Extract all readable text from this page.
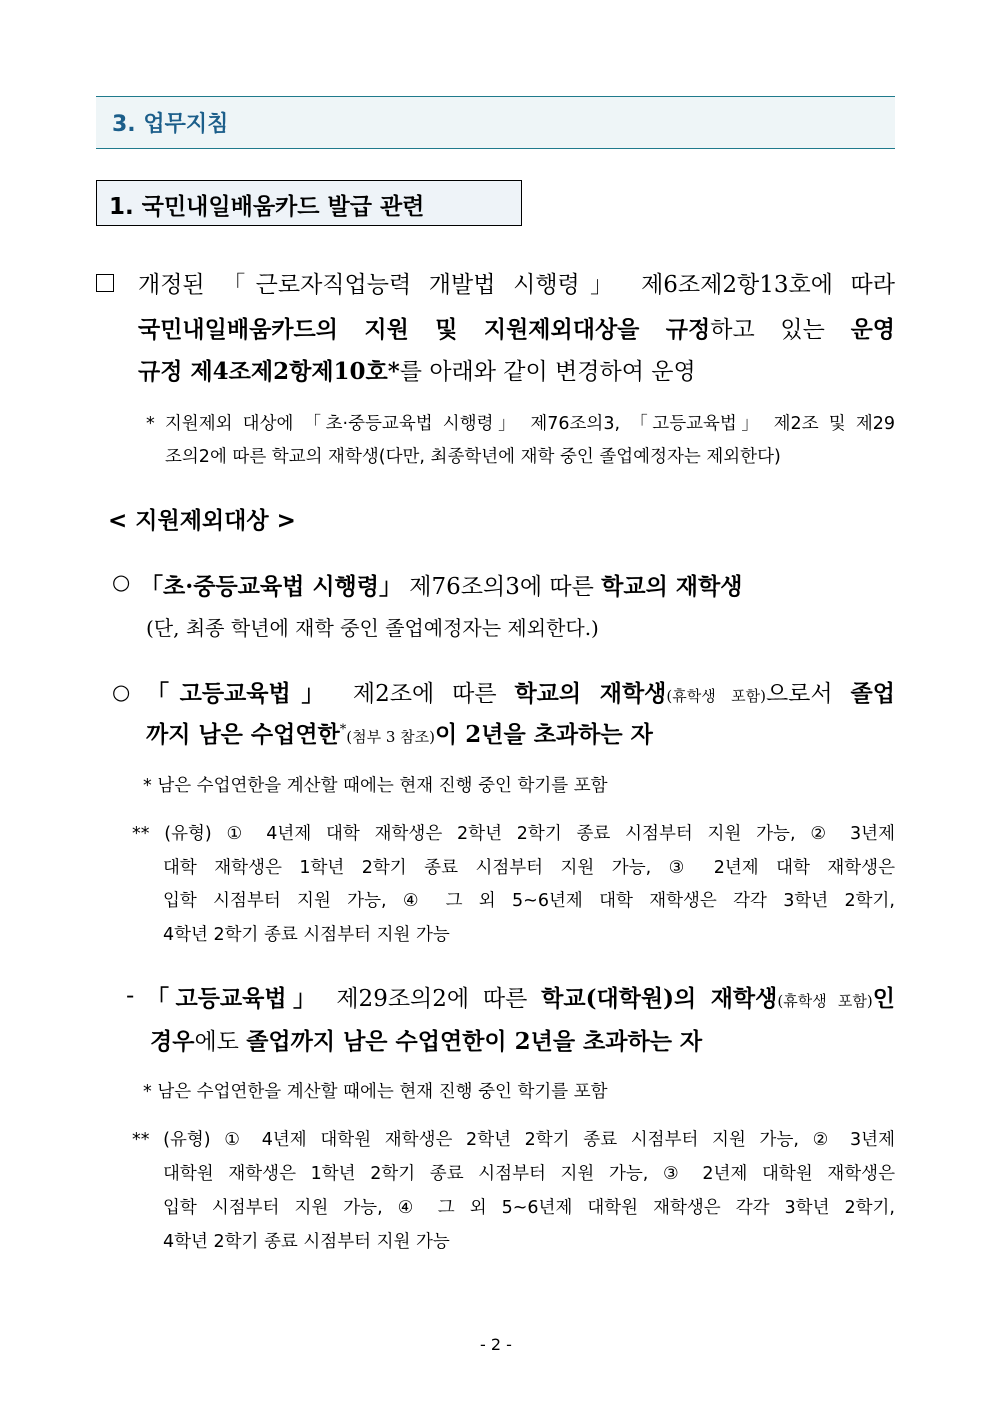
3. 업무지침
1. 국민내일배움카드 발급 관련
개정된 「근로자직업능력 개발법 시행령」 제6조제2항13호에 따라
국민내일배움카드의 지원 및 지원제외대상을 규정하고 있는 운영
규정 제4조제2항제10호*를 아래와 같이 변경하여 운영
* 지원제외 대상에 「초·중등교육법 시행령」 제76조의3, 「고등교육법」 제2조 및 제29
조의2에 따른 학교의 재학생(다만, 최종학년에 재학 중인 졸업예정자는 제외한다)
< 지원제외대상 >
○ 「초·중등교육법 시행령」 제76조의3에 따른 학교의 재학생
(단, 최종 학년에 재학 중인 졸업예정자는 제외한다.)
○ 「고등교육법」 제2조에 따른 학교의 재학생(휴학생 포함)으로서 졸업
까지 남은 수업연한*(첨부 3 참조)이 2년을 초과하는 자
* 남은 수업연한을 계산할 때에는 현재 진행 중인 학기를 포함
** (유형) ① 4년제 대학 재학생은 2학년 2학기 종료 시점부터 지원 가능, ② 3년제
대학 재학생은 1학년 2학기 종료 시점부터 지원 가능, ③ 2년제 대학 재학생은
입학 시점부터 지원 가능, ④ 그 외 5~6년제 대학 재학생은 각각 3학년 2학기,
4학년 2학기 종료 시점부터 지원 가능
- 「고등교육법」 제29조의2에 따른 학교(대학원)의 재학생(휴학생 포함)인
경우에도 졸업까지 남은 수업연한이 2년을 초과하는 자
* 남은 수업연한을 계산할 때에는 현재 진행 중인 학기를 포함
** (유형) ① 4년제 대학원 재학생은 2학년 2학기 종료 시점부터 지원 가능, ② 3년제
대학원 재학생은 1학년 2학기 종료 시점부터 지원 가능, ③ 2년제 대학원 재학생은
입학 시점부터 지원 가능, ④ 그 외 5~6년제 대학원 재학생은 각각 3학년 2학기,
4학년 2학기 종료 시점부터 지원 가능
- 2 -
